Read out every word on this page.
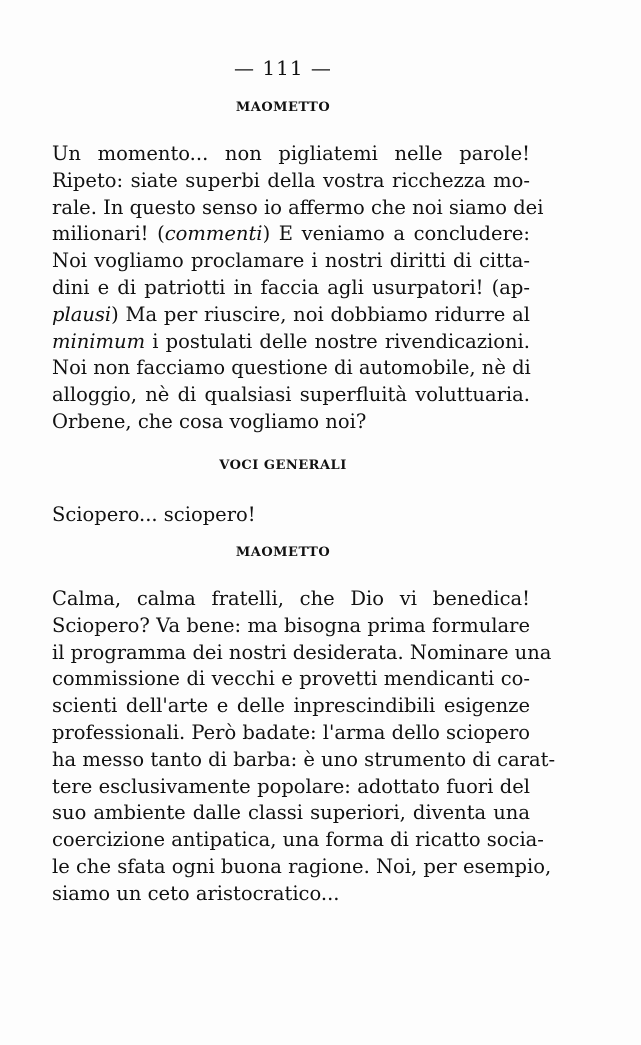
— 111 —
MAOMETTO
Un momento... non pigliatemi nelle parole!
Ripeto: siate superbi della vostra ricchezza mo-
rale. In questo senso io affermo che noi siamo dei
milionari! (commenti) E veniamo a concludere:
Noi vogliamo proclamare i nostri diritti di citta-
dini e di patriotti in faccia agli usurpatori! (ap-
plausi) Ma per riuscire, noi dobbiamo ridurre al
minimum i postulati delle nostre rivendicazioni.
Noi non facciamo questione di automobile, nè di
alloggio, nè di qualsiasi superfluità voluttuaria.
Orbene, che cosa vogliamo noi?
VOCI GENERALI
Sciopero... sciopero!
MAOMETTO
Calma, calma fratelli, che Dio vi benedica!
Sciopero? Va bene: ma bisogna prima formulare
il programma dei nostri desiderata. Nominare una
commissione di vecchi e provetti mendicanti co-
scienti dell'arte e delle inprescindibili esigenze
professionali. Però badate: l'arma dello sciopero
ha messo tanto di barba: è uno strumento di carat-
tere esclusivamente popolare: adottato fuori del
suo ambiente dalle classi superiori, diventa una
coercizione antipatica, una forma di ricatto socia-
le che sfata ogni buona ragione. Noi, per esempio,
siamo un ceto aristocratico...
